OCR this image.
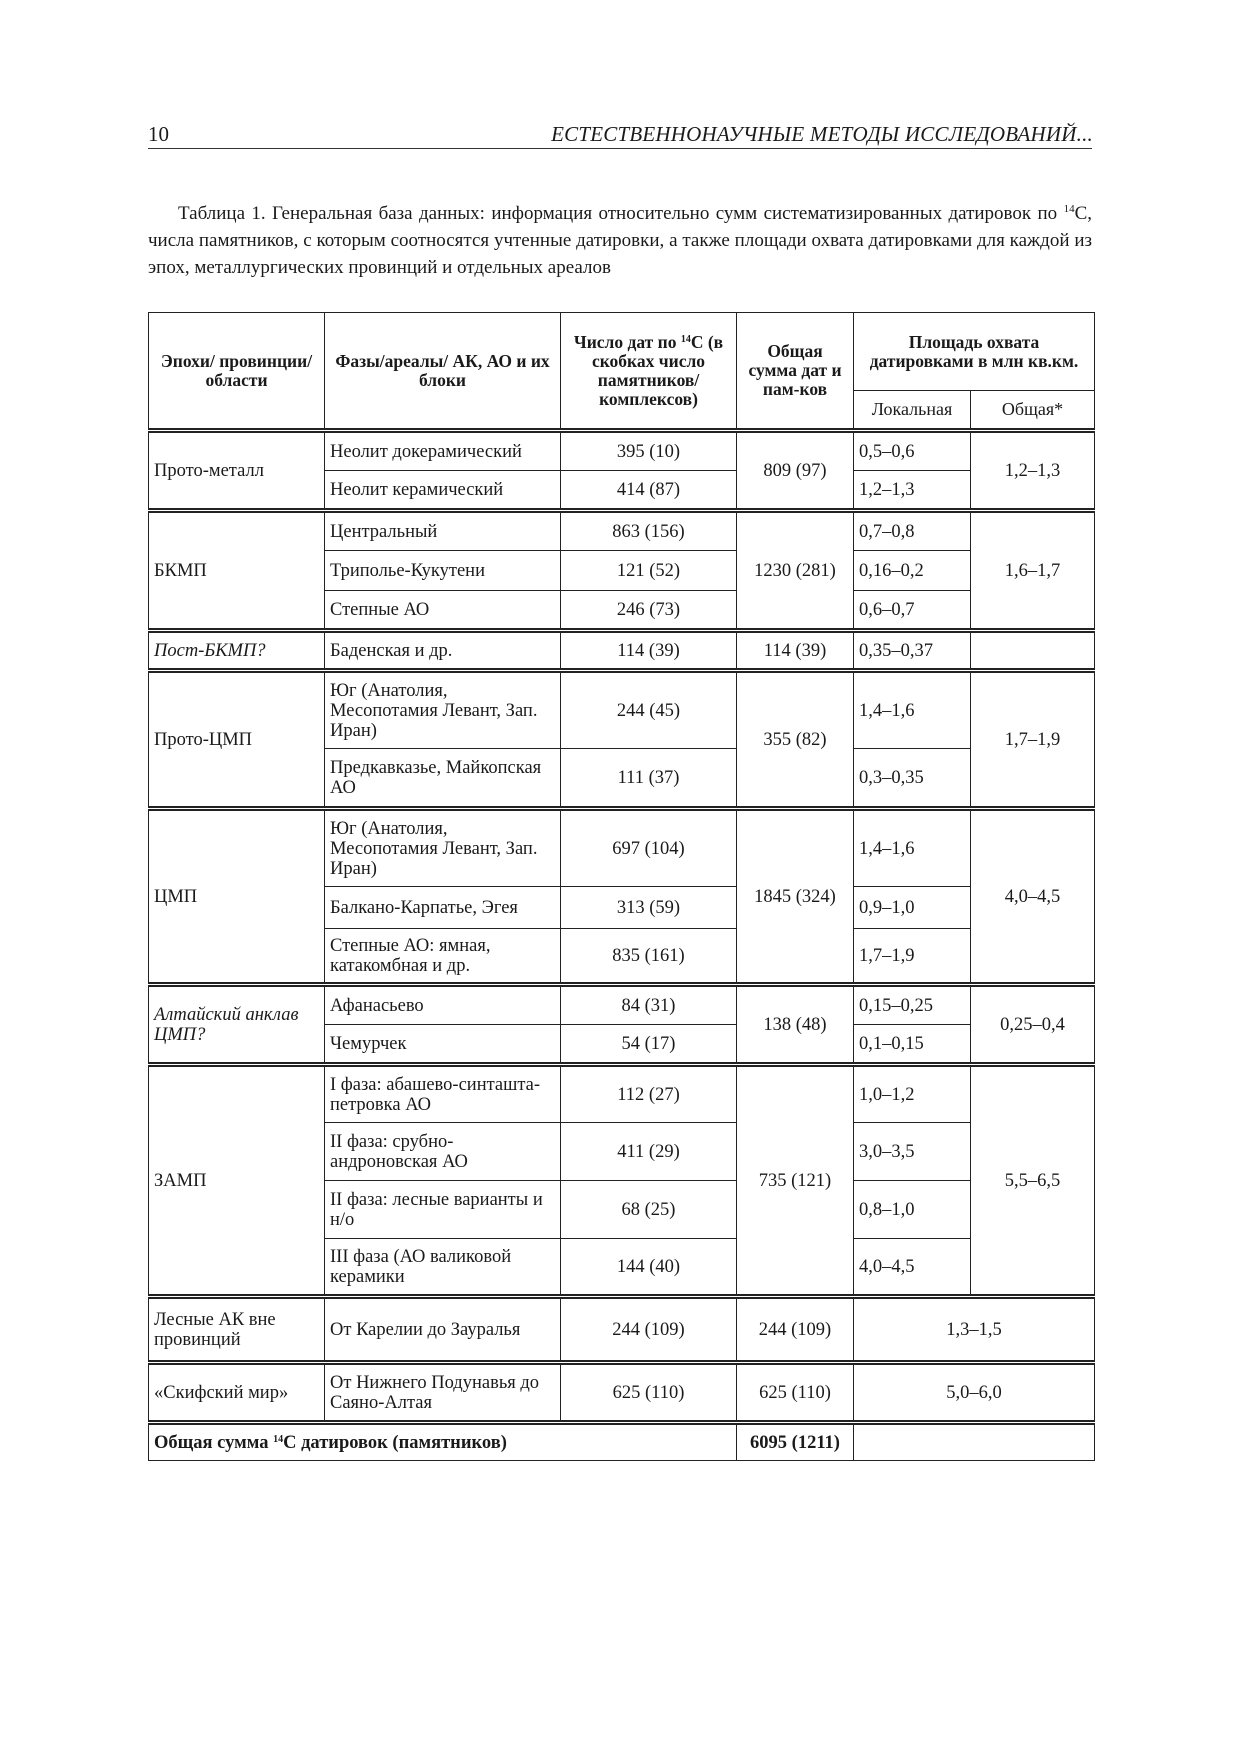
10	ЕСТЕСТВЕННОНАУЧНЫЕ МЕТОДЫ ИССЛЕДОВАНИЙ...
Таблица 1. Генеральная база данных: информация относительно сумм систематизированных датировок по $^{14}$С, числа памятников, с которым соотносятся учтенные датировки, а также площади охвата датировками для каждой из эпох, металлургических провинций и отдельных ареалов
Эпохи/ провинции/ области	Фазы/ареалы/ АК, АО и их блоки	Число дат по $^{14}$С (в скобках число памятников/ комплексов)	Общая сумма дат и пам-ков	Площадь охвата датировками в млн кв.км.	
				Локальная	Общая*
Прото-металл	Неолит докерамический	395 (10)	809 (97)	0,5–0,6	1,2–1,3
	Неолит керамический	414 (87)		1,2–1,3	
БКМП	Центральный	863 (156)	1230 (281)	0,7–0,8	1,6–1,7
	Триполье-Кукутени	121 (52)		0,16–0,2	
	Степные АО	246 (73)		0,6–0,7	
Пост-БКМП?	Баденская и др.	114 (39)	114 (39)	0,35–0,37	
Прото-ЦМП	Юг (Анатолия, Месопотамия Левант, Зап. Иран)	244 (45)	355 (82)	1,4–1,6	1,7–1,9
	Предкавказье, Майкопская АО	111 (37)		0,3–0,35	
ЦМП	Юг (Анатолия, Месопотамия Левант, Зап. Иран)	697 (104)	1845 (324)	1,4–1,6	4,0–4,5
	Балкано-Карпатье, Эгея	313 (59)		0,9–1,0	
	Степные АО: ямная, катакомбная и др.	835 (161)		1,7–1,9	
Алтайский анклав ЦМП?	Афанасьево	84 (31)	138 (48)	0,15–0,25	0,25–0,4
	Чемурчек	54 (17)		0,1–0,15	
ЗАМП	I фаза: абашево-синташта-петровка АО	112 (27)	735 (121)	1,0–1,2	5,5–6,5
	II фаза: срубно-андроновская АО	411 (29)		3,0–3,5	
	II фаза: лесные варианты и н/о	68 (25)		0,8–1,0	
	III фаза (АО валиковой керамики	144 (40)		4,0–4,5	
Лесные АК вне провинций	От Карелии до Зауралья	244 (109)	244 (109)	1,3–1,5	
«Скифский мир»	От Нижнего Подунавья до Саяно-Алтая	625 (110)	625 (110)	5,0–6,0	
Общая сумма $^{14}$С датировок (памятников)			6095 (1211)		
